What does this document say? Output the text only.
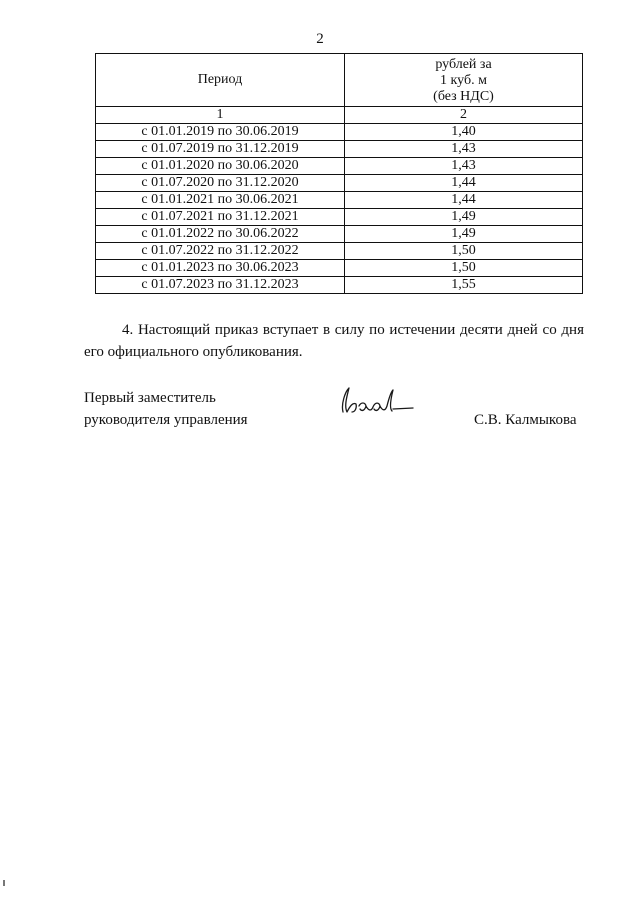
2
Период	рублей за
1 куб. м
(без НДС)

1	2
с 01.01.2019 по 30.06.2019	1,40
с 01.07.2019 по 31.12.2019	1,43
с 01.01.2020 по 30.06.2020	1,43
с 01.07.2020 по 31.12.2020	1,44
с 01.01.2021 по 30.06.2021	1,44
с 01.07.2021 по 31.12.2021	1,49
с 01.01.2022 по 30.06.2022	1,49
с 01.07.2022 по 31.12.2022	1,50
с 01.01.2023 по 30.06.2023	1,50
с 01.07.2023 по 31.12.2023	1,55
4. Настоящий приказ вступает в силу по истечении десяти дней со дня его официального опубликования.
Первый заместитель
руководителя управления	С.В. Калмыкова
